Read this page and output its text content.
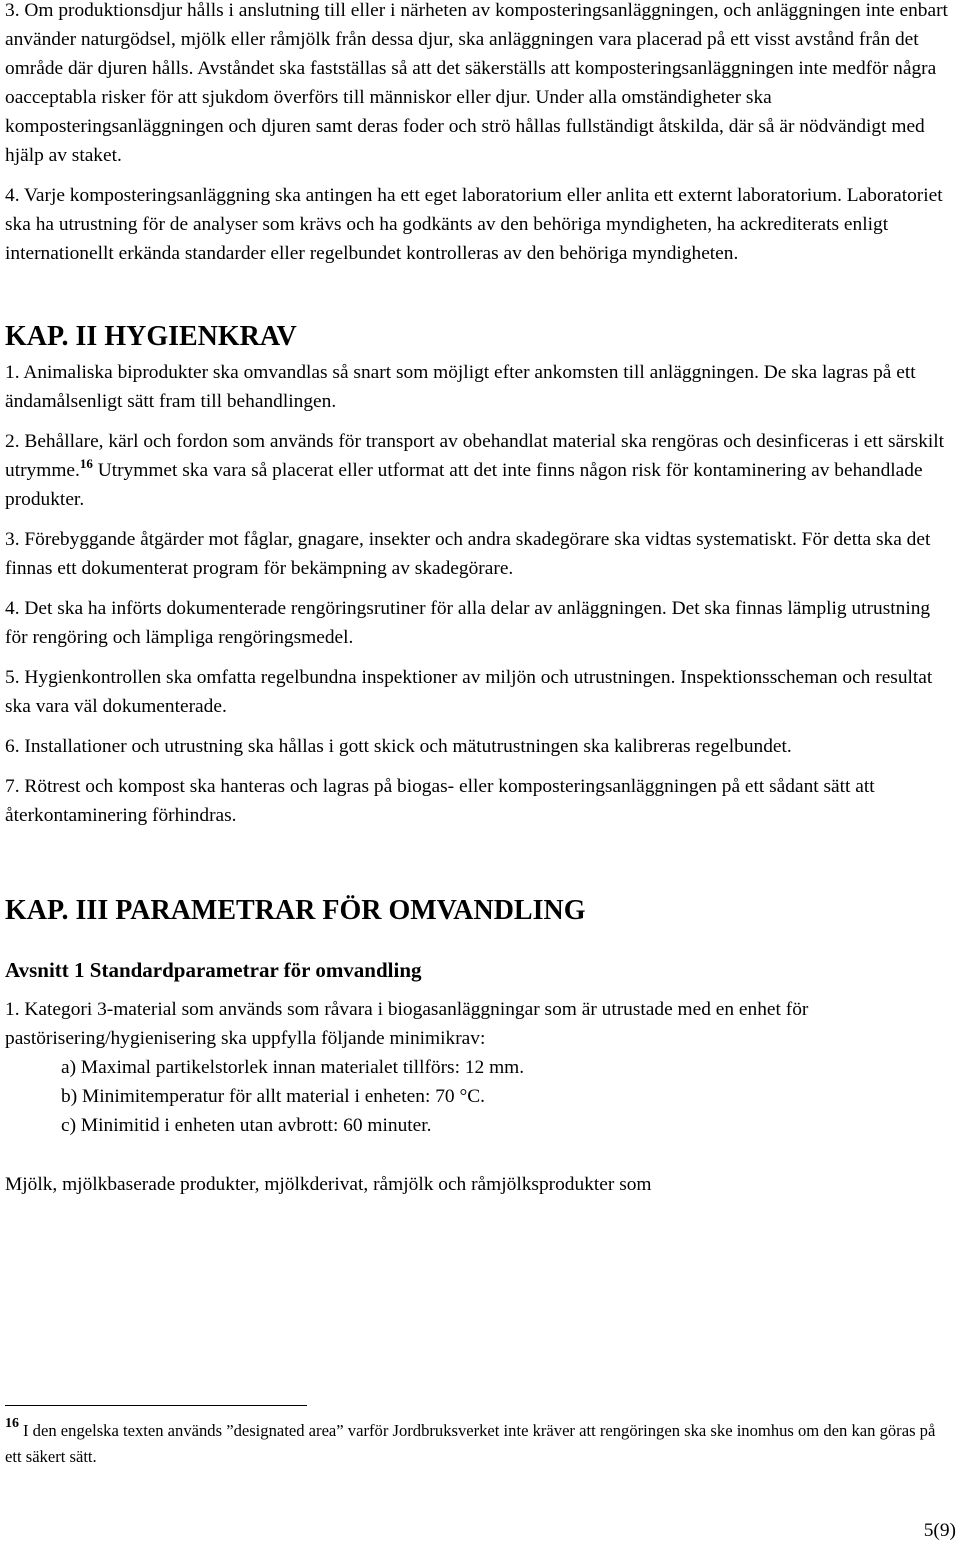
3. Om produktionsdjur hålls i anslutning till eller i närheten av komposteringsanläggningen, och anläggningen inte enbart använder naturgödsel, mjölk eller råmjölk från dessa djur, ska anläggningen vara placerad på ett visst avstånd från det område där djuren hålls. Avståndet ska fastställas så att det säkerställs att komposteringsanläggningen inte medför några oacceptabla risker för att sjukdom överförs till människor eller djur. Under alla omständigheter ska komposteringsanläggningen och djuren samt deras foder och strö hållas fullständigt åtskilda, där så är nödvändigt med hjälp av staket.

4. Varje komposteringsanläggning ska antingen ha ett eget laboratorium eller anlita ett externt laboratorium. Laboratoriet ska ha utrustning för de analyser som krävs och ha godkänts av den behöriga myndigheten, ha ackrediterats enligt internationellt erkända standarder eller regelbundet kontrolleras av den behöriga myndigheten.

KAP. II HYGIENKRAV

1. Animaliska biprodukter ska omvandlas så snart som möjligt efter ankomsten till anläggningen. De ska lagras på ett ändamålsenligt sätt fram till behandlingen.

2. Behållare, kärl och fordon som används för transport av obehandlat material ska rengöras och desinficeras i ett särskilt utrymme.$^{16}$ Utrymmet ska vara så placerat eller utformat att det inte finns någon risk för kontaminering av behandlade produkter.

3. Förebyggande åtgärder mot fåglar, gnagare, insekter och andra skadegörare ska vidtas systematiskt. För detta ska det finnas ett dokumenterat program för bekämpning av skadegörare.

4. Det ska ha införts dokumenterade rengöringsrutiner för alla delar av anläggningen. Det ska finnas lämplig utrustning för rengöring och lämpliga rengöringsmedel.

5. Hygienkontrollen ska omfatta regelbundna inspektioner av miljön och utrustningen. Inspektionsscheman och resultat ska vara väl dokumenterade.

6. Installationer och utrustning ska hållas i gott skick och mätutrustningen ska kalibreras regelbundet.

7. Rötrest och kompost ska hanteras och lagras på biogas- eller komposteringsanläggningen på ett sådant sätt att återkontaminering förhindras.

KAP. III PARAMETRAR FÖR OMVANDLING
Avsnitt 1 Standardparametrar för omvandling

1. Kategori 3-material som används som råvara i biogasanläggningar som är utrustade med en enhet för pastörisering/hygienisering ska uppfylla följande minimikrav:

a) Maximal partikelstorlek innan materialet tillförs: 12 mm.
b) Minimitemperatur för allt material i enheten: 70 °C.
c) Minimitid i enheten utan avbrott: 60 minuter.

Mjölk, mjölkbaserade produkter, mjölkderivat, råmjölk och råmjölksprodukter som

$^{16}$ I den engelska texten används ”designated area” varför Jordbruksverket inte kräver att rengöringen ska ske inomhus om den kan göras på ett säkert sätt.

5(9)
